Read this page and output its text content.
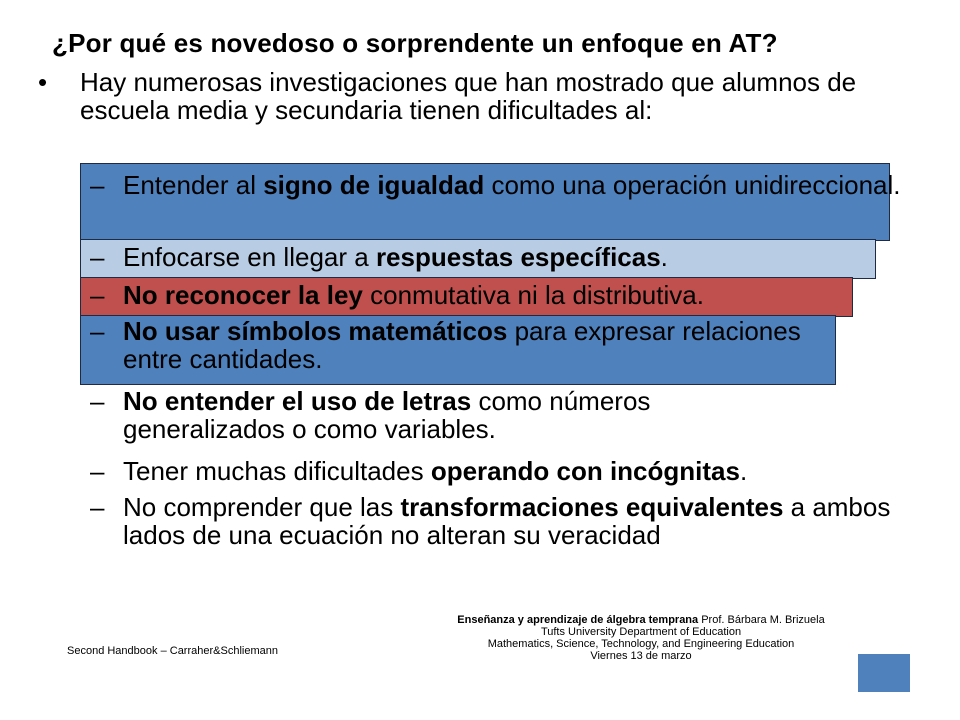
¿Por qué es novedoso o sorprendente un enfoque en AT?
• Hay numerosas investigaciones que han mostrado que alumnos de escuela media y secundaria tienen dificultades al:
– Entender al signo de igualdad como una operación unidireccional.
– Enfocarse en llegar a respuestas específicas.
– No reconocer la ley conmutativa ni la distributiva.
– No usar símbolos matemáticos para expresar relaciones entre cantidades.
– No entender el uso de letras como números generalizados o como variables.
– Tener muchas dificultades operando con incógnitas.
– No comprender que las transformaciones equivalentes a ambos lados de una ecuación no alteran su veracidad
Second Handbook – Carraher&Schliemann
Enseñanza y aprendizaje de álgebra temprana Prof. Bárbara M. Brizuela
Tufts University Department of Education
Mathematics, Science, Technology, and Engineering Education
Viernes 13 de marzo
